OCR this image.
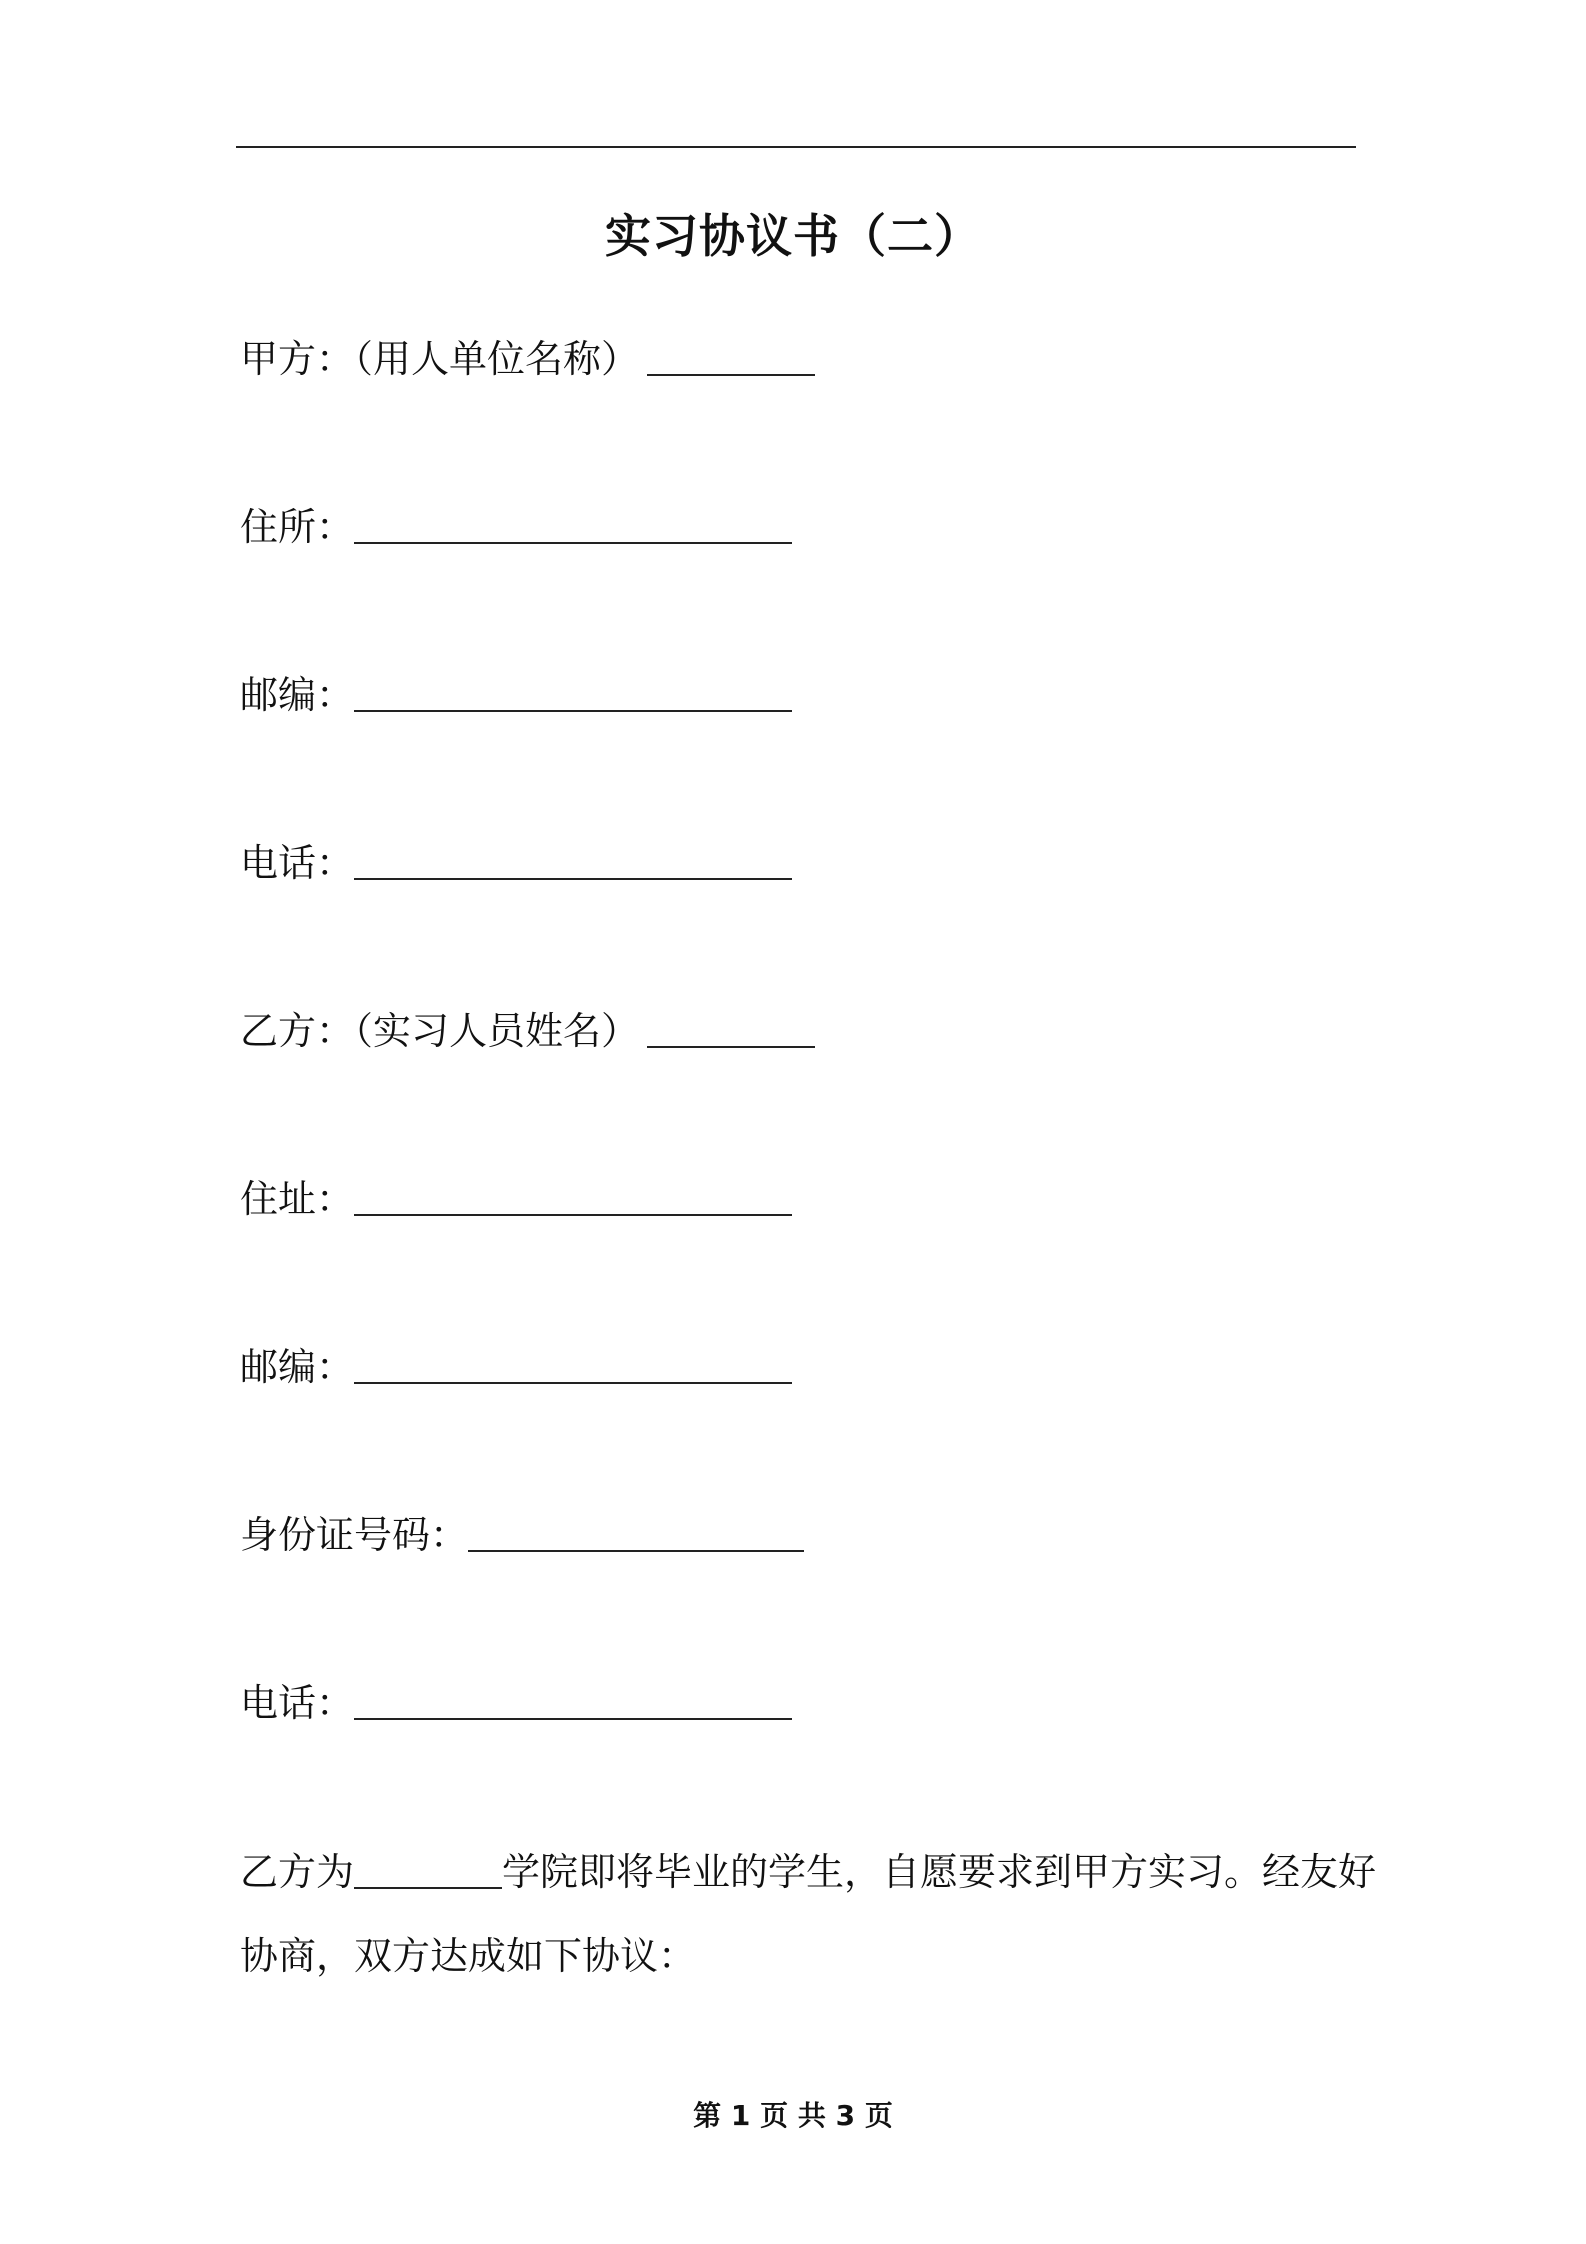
实习协议书（二）
甲方：（用人单位名称）
住所：
邮编：
电话：
乙方：（实习人员姓名）
住址：
邮编：
身份证号码：
电话：

乙方为	学院即将毕业的学生，自愿要求到甲方实习。经友好

协商，双方达成如下协议：

第 1 页 共 3 页
